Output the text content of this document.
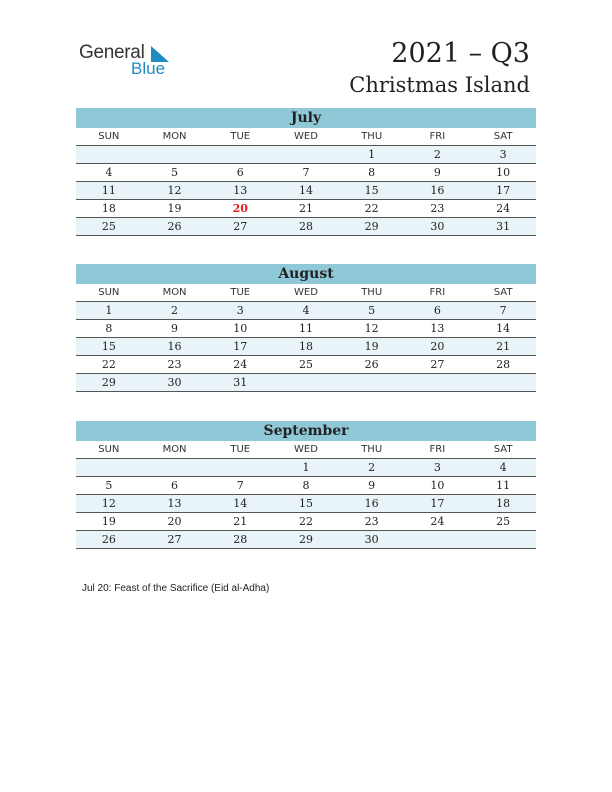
General
Blue	2021 – Q3
Christmas Island
July
SUN	MON	TUE	WED	THU	FRI	SAT
				1	2	3
4	5	6	7	8	9	10
11	12	13	14	15	16	17
18	19	20	21	22	23	24
25	26	27	28	29	30	31
August
SUN	MON	TUE	WED	THU	FRI	SAT
1	2	3	4	5	6	7
8	9	10	11	12	13	14
15	16	17	18	19	20	21
22	23	24	25	26	27	28
29	30	31				
September
SUN	MON	TUE	WED	THU	FRI	SAT
			1	2	3	4
5	6	7	8	9	10	11
12	13	14	15	16	17	18
19	20	21	22	23	24	25
26	27	28	29	30		
Jul 20: Feast of the Sacrifice (Eid al-Adha)
